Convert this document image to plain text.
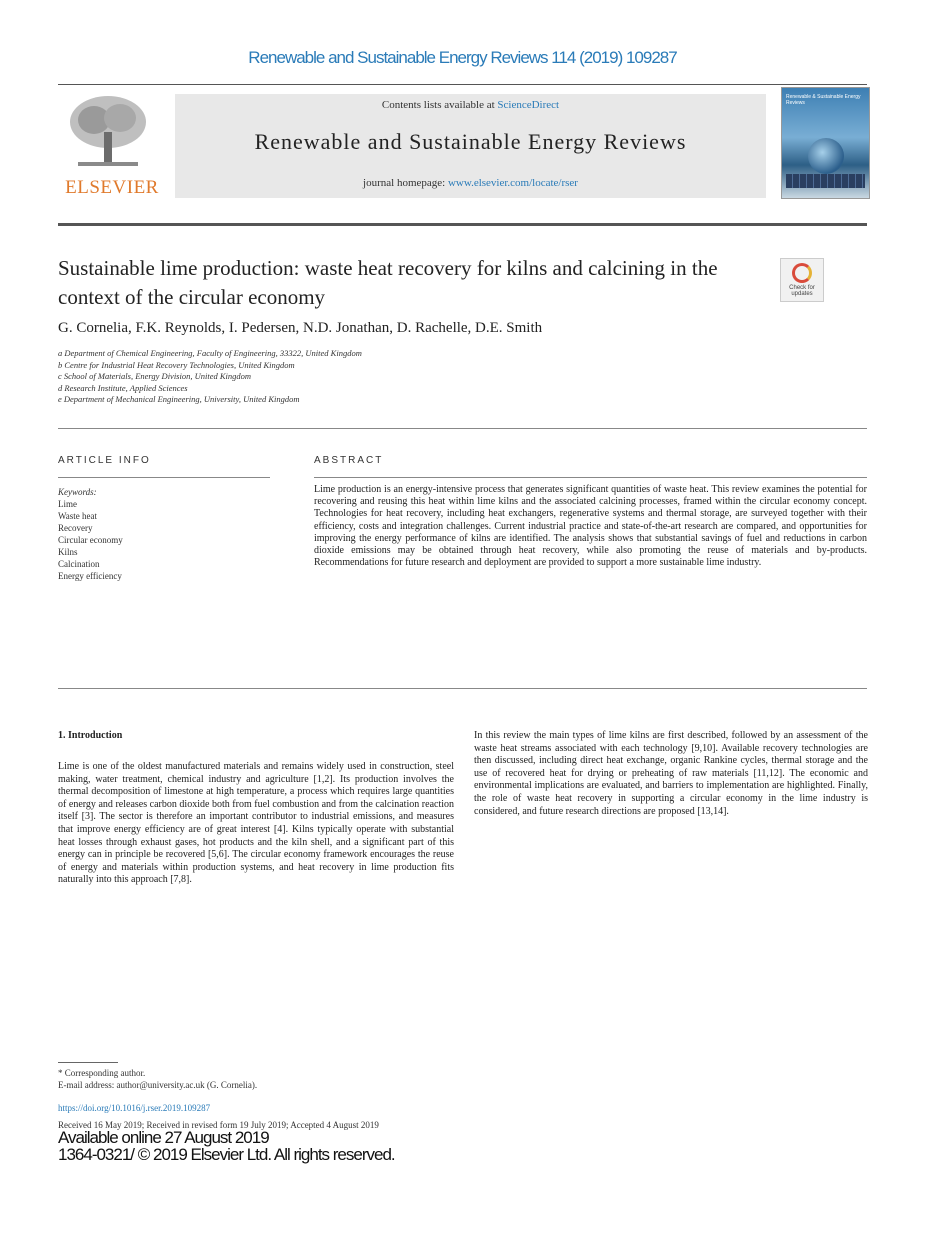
Renewable and Sustainable Energy Reviews 114 (2019) 109287
ELSEVIER
Contents lists available at ScienceDirect
Renewable and Sustainable Energy Reviews
journal homepage: www.elsevier.com/locate/rser
Renewable & Sustainable Energy Reviews
Sustainable lime production: waste heat recovery for kilns and calcining in the context of the circular economy	Check for updates
G. Cornelia, F.K. Reynolds, I. Pedersen, N.D. Jonathan, D. Rachelle, D.E. Smith
a Department of Chemical Engineering, Faculty of Engineering, 33322, United Kingdom
b Centre for Industrial Heat Recovery Technologies, United Kingdom
c School of Materials, Energy Division, United Kingdom
d Research Institute, Applied Sciences
e Department of Mechanical Engineering, University, United Kingdom
ARTICLE INFO	ABSTRACT
Keywords:
Lime
Waste heat
Recovery
Circular economy
Kilns
Calcination
Energy efficiency
Lime production is an energy-intensive process that generates significant quantities of waste heat. This review examines the potential for recovering and reusing this heat within lime kilns and the associated calcining processes, framed within the circular economy concept. Technologies for heat recovery, including heat exchangers, regenerative systems and thermal storage, are surveyed together with their efficiency, costs and integration challenges. Current industrial practice and state-of-the-art research are compared, and opportunities for improving the energy performance of kilns are identified. The analysis shows that substantial savings of fuel and reductions in carbon dioxide emissions may be obtained through heat recovery, while also promoting the reuse of materials and by-products. Recommendations for future research and deployment are provided to support a more sustainable lime industry.
1. Introduction
Lime is one of the oldest manufactured materials and remains widely used in construction, steel making, water treatment, chemical industry and agriculture [1,2]. Its production involves the thermal decomposition of limestone at high temperature, a process which requires large quantities of energy and releases carbon dioxide both from fuel combustion and from the calcination reaction itself [3]. The sector is therefore an important contributor to industrial emissions, and measures that improve energy efficiency are of great interest [4]. Kilns typically operate with substantial heat losses through exhaust gases, hot products and the kiln shell, and a significant part of this energy can in principle be recovered [5,6]. The circular economy framework encourages the reuse of energy and materials within production systems, and heat recovery in lime production fits naturally into this approach [7,8].
In this review the main types of lime kilns are first described, followed by an assessment of the waste heat streams associated with each technology [9,10]. Available recovery technologies are then discussed, including direct heat exchange, organic Rankine cycles, thermal storage and the use of recovered heat for drying or preheating of raw materials [11,12]. The economic and environmental implications are evaluated, and barriers to implementation are highlighted. Finally, the role of waste heat recovery in supporting a circular economy in the lime industry is considered, and future research directions are proposed [13,14].
* Corresponding author.
E-mail address: author@university.ac.uk (G. Cornelia).
https://doi.org/10.1016/j.rser.2019.109287
Received 16 May 2019; Received in revised form 19 July 2019; Accepted 4 August 2019
Available online 27 August 2019
1364-0321/ © 2019 Elsevier Ltd. All rights reserved.
